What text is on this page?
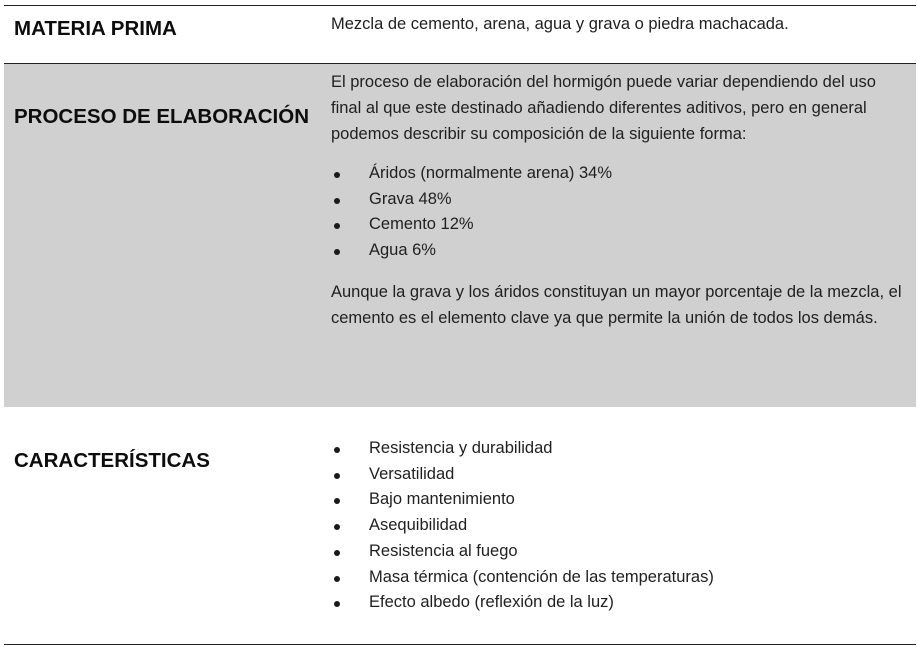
MATERIA PRIMA	Mezcla de cemento, arena, agua y grava o piedra machacada.

PROCESO DE ELABORACIÓN

El proceso de elaboración del hormigón puede variar dependiendo del uso final al que este destinado añadiendo diferentes aditivos, pero en general podemos describir su composición de la siguiente forma:

Áridos (normalmente arena) 34%
Grava 48%
Cemento 12%
Agua 6%

Aunque la grava y los áridos constituyan un mayor porcentaje de la mezcla, el cemento es el elemento clave ya que permite la unión de todos los demás.

CARACTERÍSTICAS
Resistencia y durabilidad
Versatilidad
Bajo mantenimiento
Asequibilidad
Resistencia al fuego
Masa térmica (contención de las temperaturas)
Efecto albedo (reflexión de la luz)
